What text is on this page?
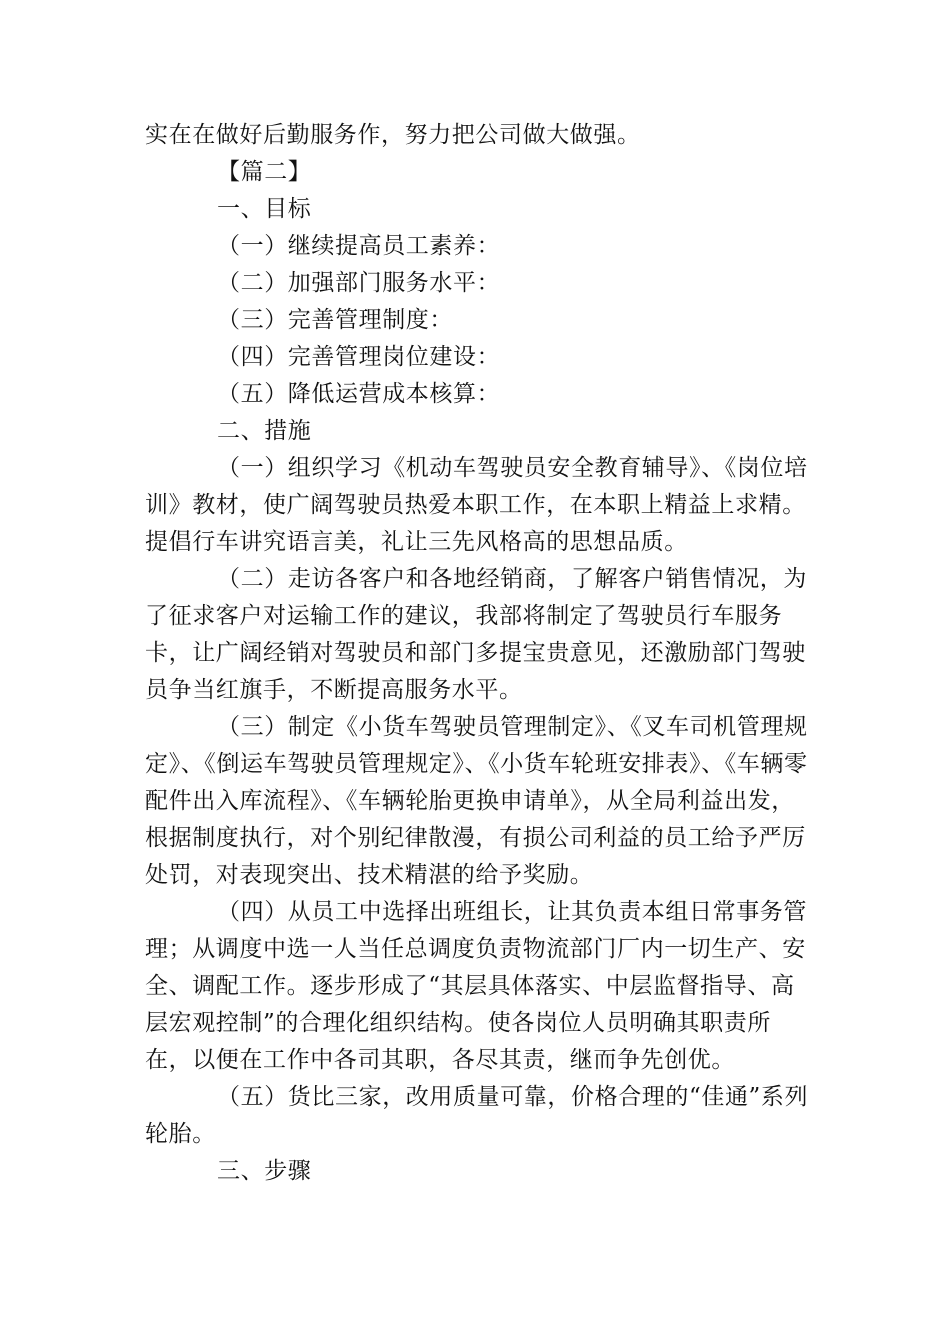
实在在做好后勤服务作，努力把公司做大做强。

【篇二】

一、目标

（一）继续提高员工素养：

（二）加强部门服务水平：

（三）完善管理制度：

（四）完善管理岗位建设：

（五）降低运营成本核算：

二、措施

（一）组织学习《机动车驾驶员安全教育辅导》、《岗位培训》教材，使广阔驾驶员热爱本职工作，在本职上精益上求精。提倡行车讲究语言美，礼让三先风格高的思想品质。

（二）走访各客户和各地经销商，了解客户销售情况，为了征求客户对运输工作的建议，我部将制定了驾驶员行车服务卡，让广阔经销对驾驶员和部门多提宝贵意见，还激励部门驾驶员争当红旗手，不断提高服务水平。

（三）制定《小货车驾驶员管理制定》、《叉车司机管理规定》、《倒运车驾驶员管理规定》、《小货车轮班安排表》、《车辆零配件出入库流程》、《车辆轮胎更换申请单》，从全局利益出发，根据制度执行，对个别纪律散漫，有损公司利益的员工给予严厉处罚，对表现突出、技术精湛的给予奖励。

（四）从员工中选择出班组长，让其负责本组日常事务管理；从调度中选一人当任总调度负责物流部门厂内一切生产、安全、调配工作。逐步形成了“其层具体落实、中层监督指导、高层宏观控制”的合理化组织结构。使各岗位人员明确其职责所在，以便在工作中各司其职，各尽其责，继而争先创优。

（五）货比三家，改用质量可靠，价格合理的“佳通”系列轮胎。

三、步骤
